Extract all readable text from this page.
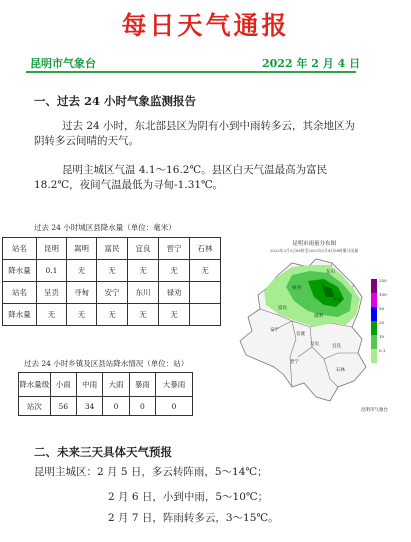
每日天气通报
昆明市气象台	2022 年 2 月 4 日
一、过去 24 小时气象监测报告
过去 24 小时，东北部县区为阴有小到中雨转多云，其余地区为阴转多云间晴的天气。
昆明主城区气温 4.1～16.2℃。县区白天气温最高为富民 18.2℃，夜间气温最低为寻甸-1.31℃。
过去 24 小时城区县降水量（单位：毫米）
站名	昆明	嵩明	富民	宜良	晋宁	石林
降水量	0.1	无	无	无	无	无
站名	呈贡	寻甸	安宁	东川	禄劝	
降水量	无	无	无	无	无	
过去 24 小时乡镇及区县站降水情况（单位：站）
降水量级	小雨	中雨	大雨	暴雨	大暴雨
站次	56	34	0	0	0
昆明市雨量分布图
2022年2月3日08时至2022年2月4日08时累计雨量
禄劝
东川
寻甸
嵩明
富民
安宁
官渡
呈贡
晋宁
宜良
石林
250
100
50
25
10
0.1
昆明市气象台
二、未来三天具体天气预报
昆明主城区：2 月 5 日，多云转阵雨，5～14℃；
2 月 6 日，小到中雨，5～10℃；
2 月 7 日，阵雨转多云，3～15℃。
